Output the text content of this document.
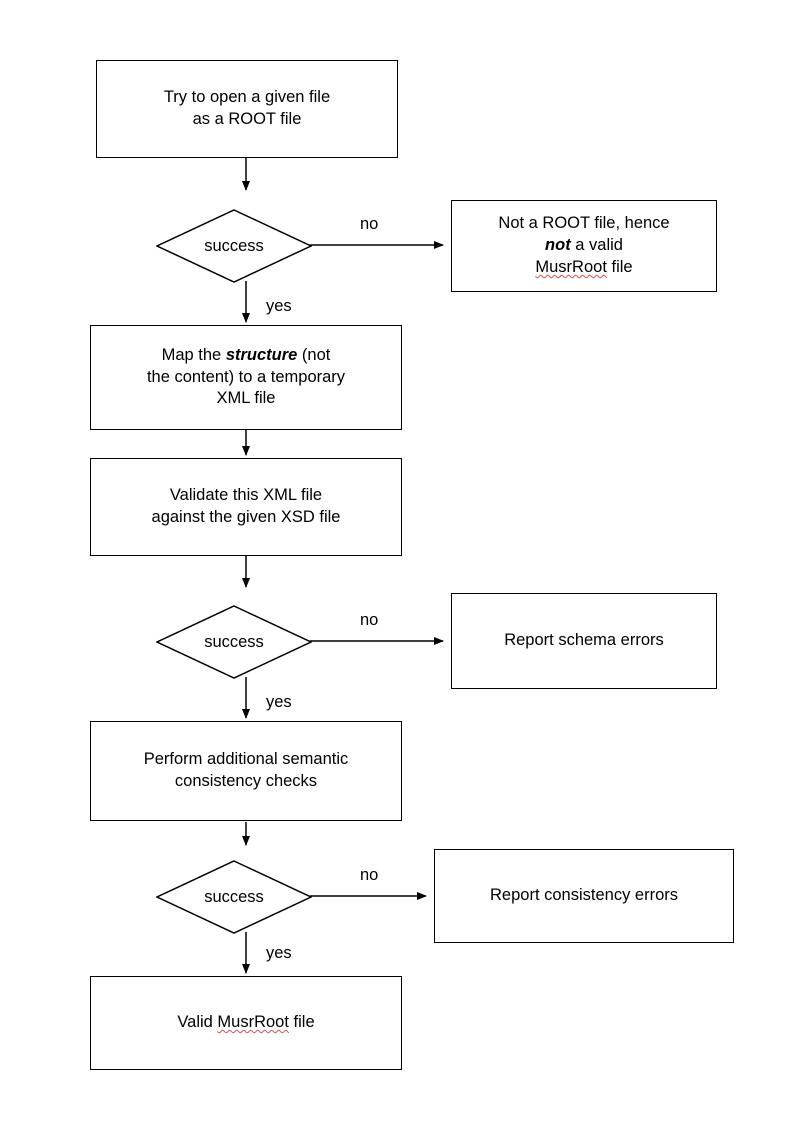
Try to open a given file
as a ROOT file
success
no
yes
Not a ROOT file, hence
not a valid
MusrRoot file
Map the structure (not
the content) to a temporary
XML file
Validate this XML file
against the given XSD file
success
no
yes
Report schema errors
Perform additional semantic
consistency checks
success
no
yes
Report consistency errors
Valid MusrRoot file
